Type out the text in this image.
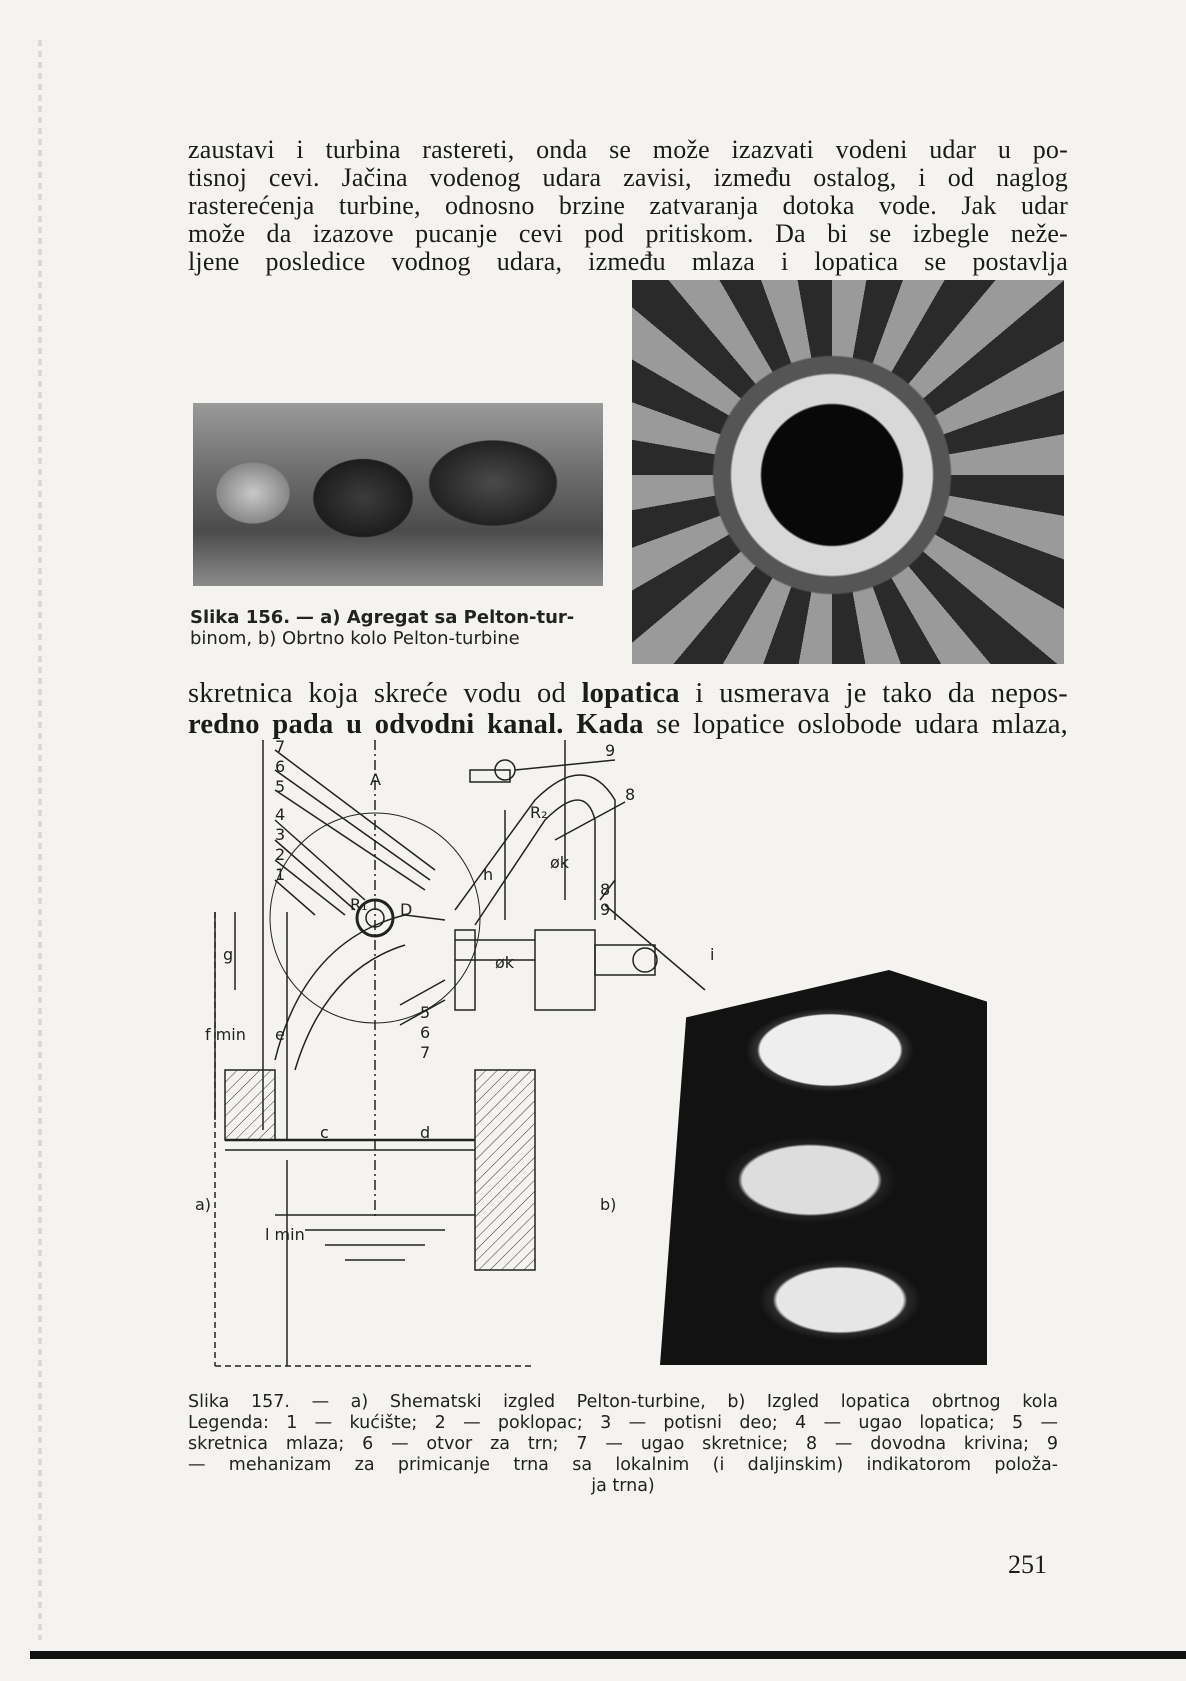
zaustavi i turbina rastereti, onda se može izazvati vodeni udar u po-
tisnoj cevi. Jačina vodenog udara zavisi, između ostalog, i od naglog
rasterećenja turbine, odnosno brzine zatvaranja dotoka vode. Jak udar
može da izazove pucanje cevi pod pritiskom. Da bi se izbegle neže-
ljene posledice vodnog udara, između mlaza i lopatica se postavlja
Slika 156. — a) Agregat sa Pelton-tur-
binom, b) Obrtno kolo Pelton-turbine
skretnica koja skreće vodu od lopatica i usmerava je tako da nepos-
redno pada u odvodni kanal. Kada se lopatice oslobode udara mlaza,
7
6
5
4
3
2
1
5
6
7
9
8
8
9
A
R₂
R₁ D
h
øk
øk
g
f min e
c	d
i
l min
a)	b)
Slika 157. — a) Shematski izgled Pelton-turbine, b) Izgled lopatica obrtnog kola
Legenda: 1 — kućište; 2 — poklopac; 3 — potisni deo; 4 — ugao lopatica; 5 —
skretnica mlaza; 6 — otvor za trn; 7 — ugao skretnice; 8 — dovodna krivina; 9
— mehanizam za primicanje trna sa lokalnim (i daljinskim) indikatorom položa-
ja trna)
251
